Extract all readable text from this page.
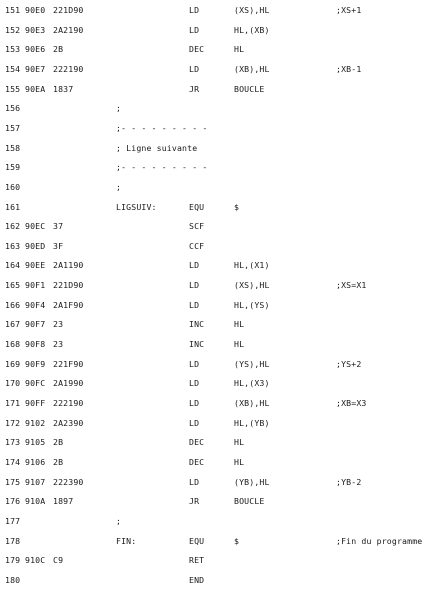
151 90E0 221D90	LD	(XS),HL	;XS+1
152 90E3 2A2190	LD	HL,(XB)
153 90E6 2B	DEC	HL
154 90E7 222190	LD	(XB),HL	;XB-1
155 90EA 1837	JR	BOUCLE
156	;
157	;- - - - - - - - -
158	; Ligne suivante
159	;- - - - - - - - -
160	;
161	LIGSUIV:	EQU	$
162 90EC 37	SCF
163 90ED 3F	CCF
164 90EE 2A1190	LD	HL,(X1)
165 90F1 221D90	LD	(XS),HL	;XS=X1
166 90F4 2A1F90	LD	HL,(YS)
167 90F7 23	INC	HL
168 90F8 23	INC	HL
169 90F9 221F90	LD	(YS),HL	;YS+2
170 90FC 2A1990	LD	HL,(X3)
171 90FF 222190	LD	(XB),HL	;XB=X3
172 9102 2A2390	LD	HL,(YB)
173 9105 2B	DEC	HL
174 9106 2B	DEC	HL
175 9107 222390	LD	(YB),HL	;YB-2
176 910A 1897	JR	BOUCLE
177	;
178	FIN:	EQU	$	;Fin du programme
179 910C C9	RET
180	END
